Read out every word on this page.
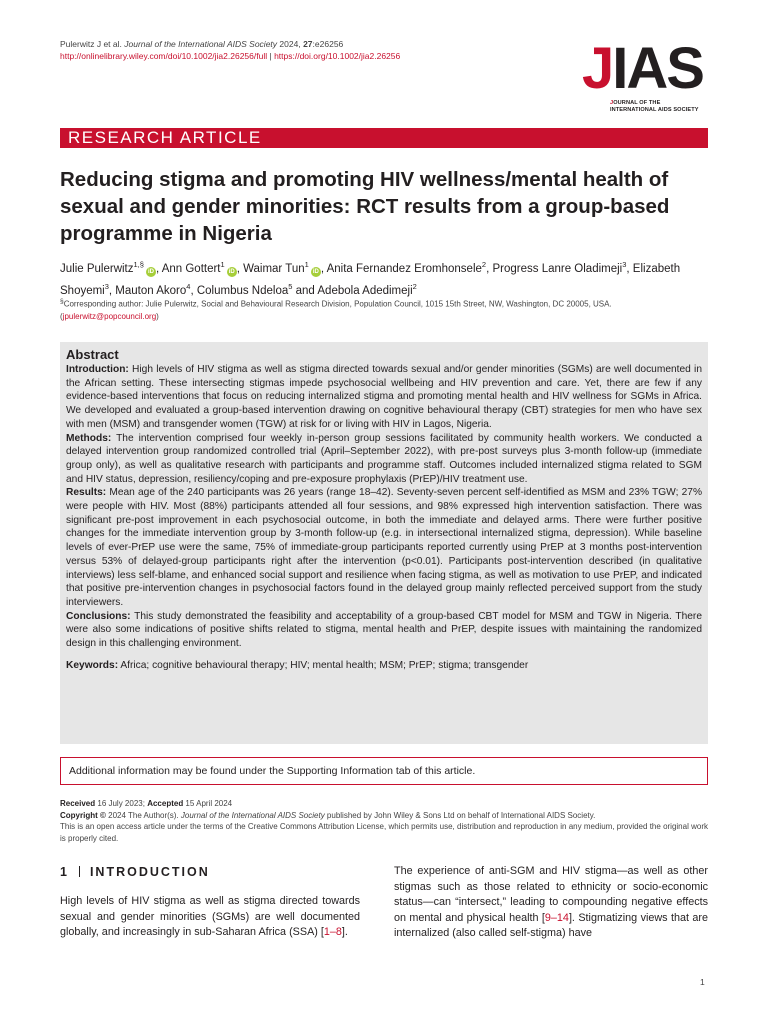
Pulerwitz J et al. Journal of the International AIDS Society 2024, 27:e26256
http://onlinelibrary.wiley.com/doi/10.1002/jia2.26256/full | https://doi.org/10.1002/jia2.26256	JIAS
JOURNAL OF THE
INTERNATIONAL AIDS SOCIETY
RESEARCH ARTICLE
Reducing stigma and promoting HIV wellness/mental health of sexual and gender minorities: RCT results from a group-based programme in Nigeria
Julie Pulerwitz$^{1,\S}$iD , Ann Gottert$^1$iD , Waimar Tun$^1$iD , Anita Fernandez Eromhonsele$^2$, Progress Lanre Oladimeji$^3$, Elizabeth Shoyemi$^3$, Mauton Akoro$^4$, Columbus Ndeloa$^5$ and Adebola Adedimeji$^2$
§Corresponding author: Julie Pulerwitz, Social and Behavioural Research Division, Population Council, 1015 15th Street, NW, Washington, DC 20005, USA.
(jpulerwitz@popcouncil.org)
Abstract

Introduction: High levels of HIV stigma as well as stigma directed towards sexual and/or gender minorities (SGMs) are well documented in the African setting. These intersecting stigmas impede psychosocial wellbeing and HIV prevention and care. Yet, there are few if any evidence-based interventions that focus on reducing internalized stigma and promoting mental health and HIV wellness for SGMs in Africa. We developed and evaluated a group-based intervention drawing on cognitive behavioural therapy (CBT) strategies for men who have sex with men (MSM) and transgender women (TGW) at risk for or living with HIV in Lagos, Nigeria.

Methods: The intervention comprised four weekly in-person group sessions facilitated by community health workers. We conducted a delayed intervention group randomized controlled trial (April–September 2022), with pre-post surveys plus 3-month follow-up (immediate group only), as well as qualitative research with participants and programme staff. Outcomes included internalized stigma related to SGM and HIV status, depression, resiliency/coping and pre-exposure prophylaxis (PrEP)/HIV treatment use.

Results: Mean age of the 240 participants was 26 years (range 18–42). Seventy-seven percent self-identified as MSM and 23% TGW; 27% were people with HIV. Most (88%) participants attended all four sessions, and 98% expressed high intervention satisfaction. There was significant pre-post improvement in each psychosocial outcome, in both the immediate and delayed arms. There were further positive changes for the immediate intervention group by 3-month follow-up (e.g. in intersectional internalized stigma, depression). While baseline levels of ever-PrEP use were the same, 75% of immediate-group participants reported currently using PrEP at 3 months post-intervention versus 53% of delayed-group participants right after the intervention (p<0.01). Participants post-intervention described (in qualitative interviews) less self-blame, and enhanced social support and resilience when facing stigma, as well as motivation to use PrEP, and indicated that positive pre-intervention changes in psychosocial factors found in the delayed group mainly reflected perceived support from the study interviewers.

Conclusions: This study demonstrated the feasibility and acceptability of a group-based CBT model for MSM and TGW in Nigeria. There were also some indications of positive shifts related to stigma, mental health and PrEP, despite issues with maintaining the randomized design in this challenging environment.

Keywords: Africa; cognitive behavioural therapy; HIV; mental health; MSM; PrEP; stigma; transgender

Additional information may be found under the Supporting Information tab of this article.
Received 16 July 2023; Accepted 15 April 2024
Copyright © 2024 The Author(s). Journal of the International AIDS Society published by John Wiley & Sons Ltd on behalf of International AIDS Society.
This is an open access article under the terms of the Creative Commons Attribution License, which permits use, distribution and reproduction in any medium, provided the original work is properly cited.
1 INTRODUCTION

High levels of HIV stigma as well as stigma directed towards sexual and gender minorities (SGMs) are well documented globally, and increasingly in sub-Saharan Africa (SSA) [1–8].

The experience of anti-SGM and HIV stigma—as well as other stigmas such as those related to ethnicity or socio-economic status—can “intersect,” leading to compounding negative effects on mental and physical health [9–14]. Stigmatizing views that are internalized (also called self-stigma) have
1
